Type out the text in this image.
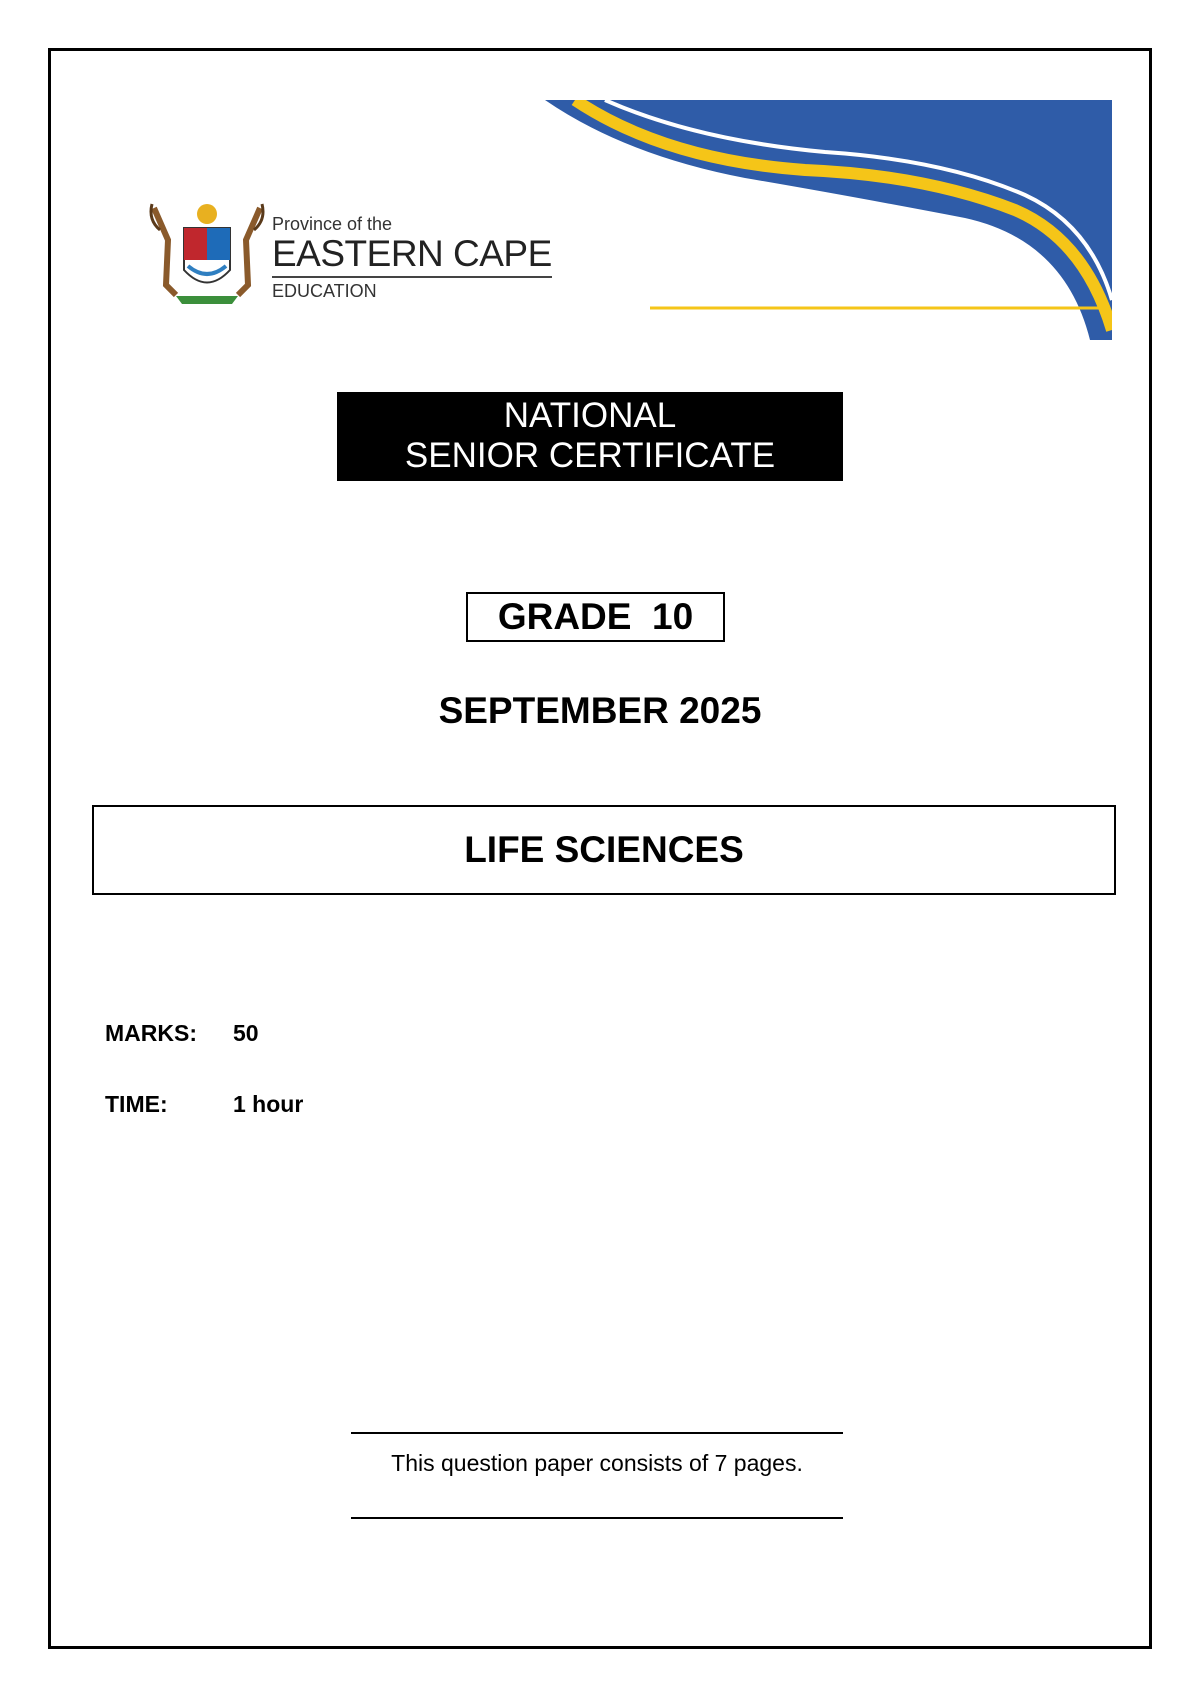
Province of the
EASTERN CAPE
EDUCATION
Iphondo leMpuma Kapa: Isebe leMfundo
Provinsie van die Oos Kaap: Department van Onderwys
Porafensie Ya Kapa Botjahabela: Lefapha la Thuto
NATIONAL
SENIOR CERTIFICATE
GRADE  10
SEPTEMBER 2025
LIFE SCIENCES
MARKS: 50
TIME:	1 hour
This question paper consists of 7 pages.
